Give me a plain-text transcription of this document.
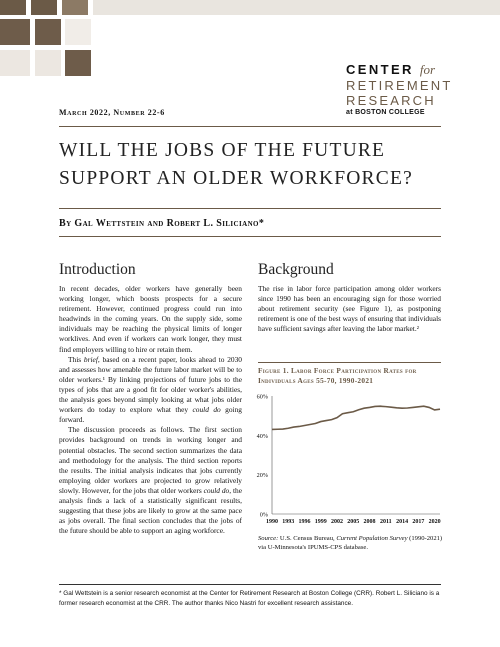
CENTER for
RETIREMENT
RESEARCH
at BOSTON COLLEGE
March 2022, Number 22-6
WILL THE JOBS OF THE FUTURE SUPPORT AN OLDER WORKFORCE?
By Gal Wettstein and Robert L. Siliciano*
Introduction

In recent decades, older workers have generally been working longer, which boosts prospects for a secure retirement. However, continued progress could run into headwinds in the coming years. On the supply side, some individuals may be reaching the physical limits of longer worklives. And even if workers can work longer, they must find employers willing to hire or retain them.

This brief, based on a recent paper, looks ahead to 2030 and assesses how amenable the future labor market will be to older workers.¹ By linking projections of future jobs to the types of jobs that are a good fit for older worker's abilities, the analysis goes beyond simply looking at what jobs older workers do today to explore what they could do going forward.

The discussion proceeds as follows. The first section provides background on trends in working longer and potential obstacles. The second section summarizes the data and methodology for the analysis. The third section reports the results. The initial analysis indicates that jobs currently employing older workers are projected to grow relatively slowly. However, for the jobs that older workers could do, the analysis finds a lack of a statistically significant results, suggesting that these jobs are likely to grow at the same pace as jobs overall. The final section concludes that the jobs of the future should be able to support an aging workforce.

Background

The rise in labor force participation among older workers since 1990 has been an encouraging sign for those worried about retirement security (see Figure 1), as postponing retirement is one of the best ways of ensuring that individuals have sufficient savings after leaving the labor market.²

Figure 1. Labor Force Participation Rates for Individuals Ages 55-70, 1990-2021
0%
20%
40%
60%
1990 1993 1996 1999 2002 2005 2008 2011 2014 2017 2020
Source: U.S. Census Bureau, Current Population Survey (1990-2021) via U-Minnesota's IPUMS-CPS database.
* Gal Wettstein is a senior research economist at the Center for Retirement Research at Boston College (CRR). Robert L. Siliciano is a former research economist at the CRR. The author thanks Nico Nastri for excellent research assistance.
